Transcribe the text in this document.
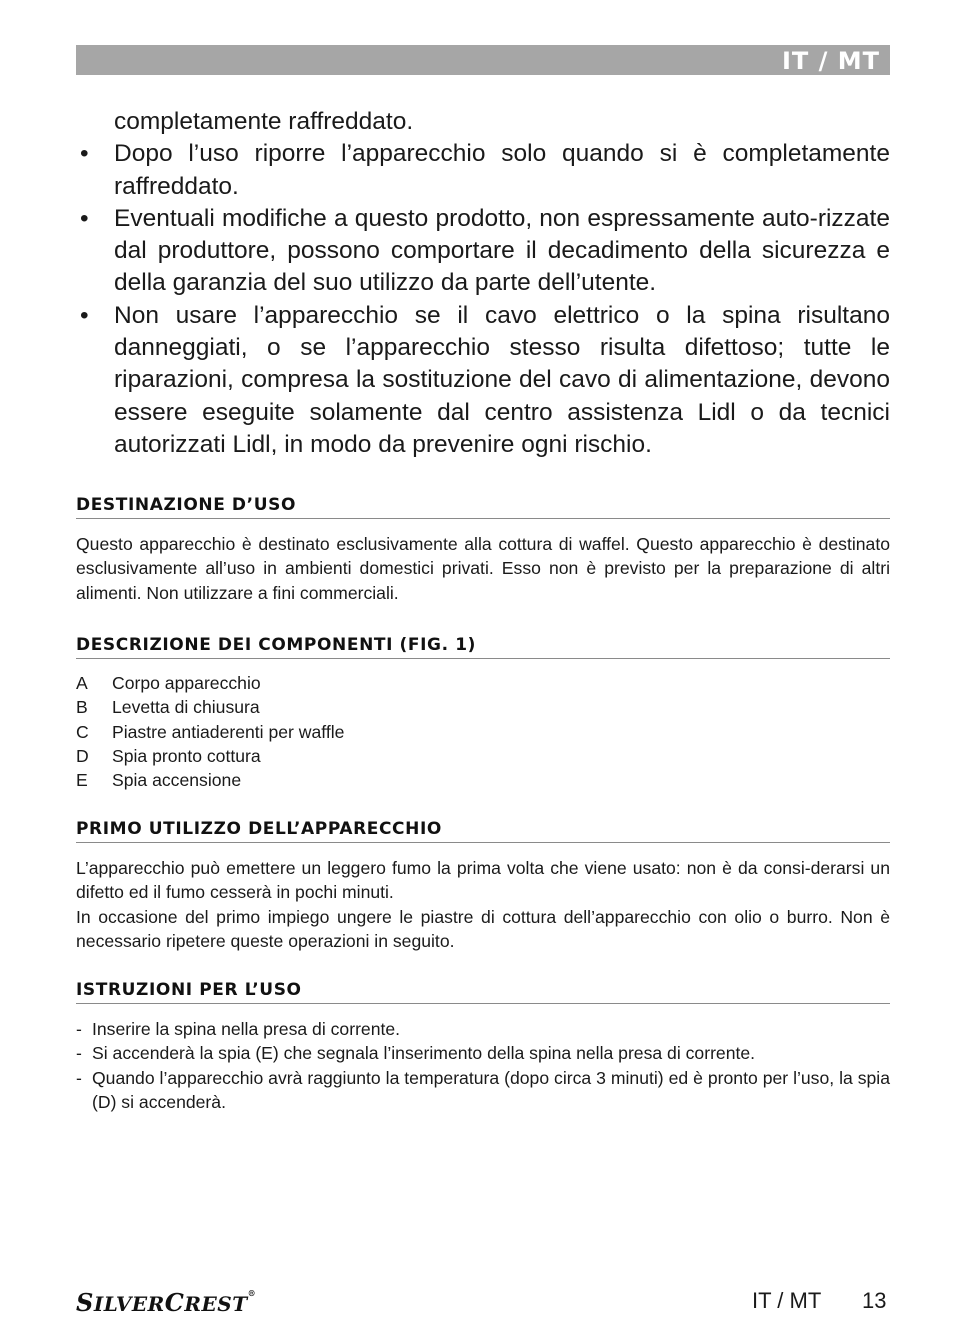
IT / MT

completamente raffreddato.

• Dopo l’uso riporre l’apparecchio solo quando si è completamente raffreddato.

• Eventuali modifiche a questo prodotto, non espressamente auto-rizzate dal produttore, possono comportare il decadimento della sicurezza e della garanzia del suo utilizzo da parte dell’utente.

• Non usare l’apparecchio se il cavo elettrico o la spina risultano danneggiati, o se l’apparecchio stesso risulta difettoso; tutte le riparazioni, compresa la sostituzione del cavo di alimentazione, devono essere eseguite solamente dal centro assistenza Lidl o da tecnici autorizzati Lidl, in modo da prevenire ogni rischio.

DESTINAZIONE D’USO

Questo apparecchio è destinato esclusivamente alla cottura di waffel. Questo apparecchio è destinato esclusivamente all’uso in ambienti domestici privati. Esso non è previsto per la preparazione di altri alimenti. Non utilizzare a fini commerciali.

DESCRIZIONE DEI COMPONENTI (FIG. 1)
A Corpo apparecchio
B Levetta di chiusura
C Piastre antiaderenti per waffle
D Spia pronto cottura
E Spia accensione
PRIMO UTILIZZO DELL’APPARECCHIO

L’apparecchio può emettere un leggero fumo la prima volta che viene usato: non è da consi-derarsi un difetto ed il fumo cesserà in pochi minuti.

In occasione del primo impiego ungere le piastre di cottura dell’apparecchio con olio o burro. Non è necessario ripetere queste operazioni in seguito.

ISTRUZIONI PER L’USO
- Inserire la spina nella presa di corrente.
- Si accenderà la spia (E) che segnala l’inserimento della spina nella presa di corrente.
- Quando l’apparecchio avrà raggiunto la temperatura (dopo circa 3 minuti) ed è pronto per l’uso, la spia (D) si accenderà.
SILVERCREST®	IT / MT 13
